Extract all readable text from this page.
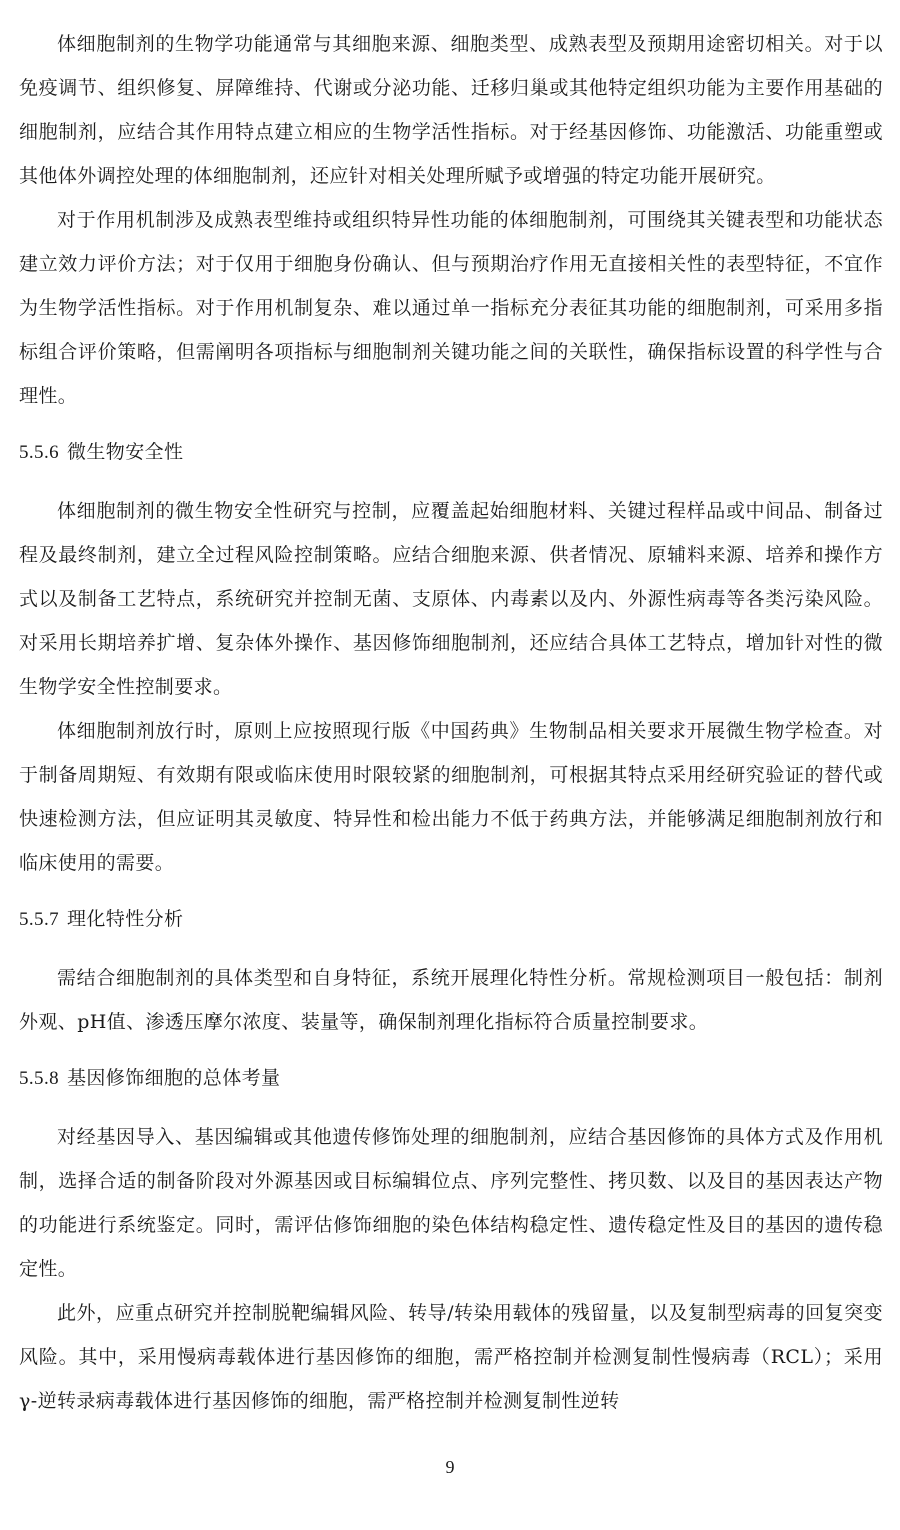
体细胞制剂的生物学功能通常与其细胞来源、细胞类型、成熟表型及预期用途密切相关。对于以免疫调节、组织修复、屏障维持、代谢或分泌功能、迁移归巢或其他特定组织功能为主要作用基础的细胞制剂，应结合其作用特点建立相应的生物学活性指标。对于经基因修饰、功能激活、功能重塑或其他体外调控处理的体细胞制剂，还应针对相关处理所赋予或增强的特定功能开展研究。

对于作用机制涉及成熟表型维持或组织特异性功能的体细胞制剂，可围绕其关键表型和功能状态建立效力评价方法；对于仅用于细胞身份确认、但与预期治疗作用无直接相关性的表型特征，不宜作为生物学活性指标。对于作用机制复杂、难以通过单一指标充分表征其功能的细胞制剂，可采用多指标组合评价策略，但需阐明各项指标与细胞制剂关键功能之间的关联性，确保指标设置的科学性与合理性。

5.5.6 微生物安全性

体细胞制剂的微生物安全性研究与控制，应覆盖起始细胞材料、关键过程样品或中间品、制备过程及最终制剂，建立全过程风险控制策略。应结合细胞来源、供者情况、原辅料来源、培养和操作方式以及制备工艺特点，系统研究并控制无菌、支原体、内毒素以及内、外源性病毒等各类污染风险。对采用长期培养扩增、复杂体外操作、基因修饰细胞制剂，还应结合具体工艺特点，增加针对性的微生物学安全性控制要求。

体细胞制剂放行时，原则上应按照现行版《中国药典》生物制品相关要求开展微生物学检查。对于制备周期短、有效期有限或临床使用时限较紧的细胞制剂，可根据其特点采用经研究验证的替代或快速检测方法，但应证明其灵敏度、特异性和检出能力不低于药典方法，并能够满足细胞制剂放行和临床使用的需要。

5.5.7 理化特性分析

需结合细胞制剂的具体类型和自身特征，系统开展理化特性分析。常规检测项目一般包括：制剂外观、pH值、渗透压摩尔浓度、装量等，确保制剂理化指标符合质量控制要求。

5.5.8 基因修饰细胞的总体考量

对经基因导入、基因编辑或其他遗传修饰处理的细胞制剂，应结合基因修饰的具体方式及作用机制，选择合适的制备阶段对外源基因或目标编辑位点、序列完整性、拷贝数、以及目的基因表达产物的功能进行系统鉴定。同时，需评估修饰细胞的染色体结构稳定性、遗传稳定性及目的基因的遗传稳定性。

此外，应重点研究并控制脱靶编辑风险、转导/转染用载体的残留量，以及复制型病毒的回复突变风险。其中，采用慢病毒载体进行基因修饰的细胞，需严格控制并检测复制性慢病毒（RCL）；采用γ-逆转录病毒载体进行基因修饰的细胞，需严格控制并检测复制性逆转

9
